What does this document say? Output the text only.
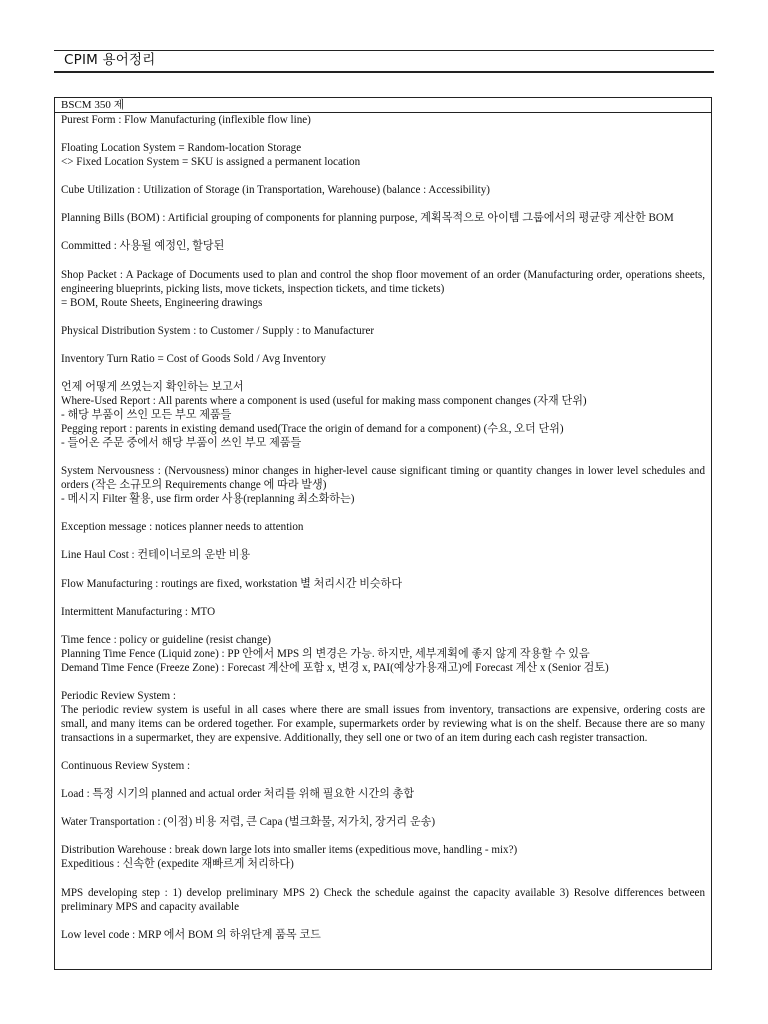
CPIM 용어정리
BSCM 350 제
Purest Form : Flow Manufacturing (inflexible flow line)
Floating Location System = Random-location Storage
<> Fixed Location System = SKU is assigned a permanent location
Cube Utilization : Utilization of Storage (in Transportation, Warehouse) (balance : Accessibility)
Planning Bills (BOM) : Artificial grouping of components for planning purpose, 계획목적으로 아이템 그룹에서의 평균량 계산한 BOM
Committed : 사용될 예정인, 할당된
Shop Packet : A Package of Documents used to plan and control the shop floor movement of an order (Manufacturing order, operations sheets, engineering blueprints, picking lists, move tickets, inspection tickets, and time tickets)
= BOM, Route Sheets, Engineering drawings
Physical Distribution System : to Customer / Supply : to Manufacturer
Inventory Turn Ratio = Cost of Goods Sold / Avg Inventory
언제 어떻게 쓰였는지 확인하는 보고서
Where-Used Report : All parents where a component is used (useful for making mass component changes (자재 단위)
- 해당 부품이 쓰인 모든 부모 제품들
Pegging report : parents in existing demand used(Trace the origin of demand for a component) (수요, 오더 단위)
- 들어온 주문 중에서 해당 부품이 쓰인 부모 제품들
System Nervousness : (Nervousness) minor changes in higher-level cause significant timing or quantity changes in lower level schedules and orders (작은 소규모의 Requirements change 에 따라 발생)
- 메시지 Filter 활용, use firm order 사용(replanning 최소화하는)
Exception message : notices planner needs to attention
Line Haul Cost : 컨테이너로의 운반 비용
Flow Manufacturing : routings are fixed, workstation 별 처리시간 비슷하다
Intermittent Manufacturing : MTO
Time fence : policy or guideline (resist change)
Planning Time Fence (Liquid zone) : PP 안에서 MPS 의 변경은 가능. 하지만, 세부계획에 좋지 않게 작용할 수 있음
Demand Time Fence (Freeze Zone) : Forecast 계산에 포함 x, 변경 x, PAI(예상가용재고)에 Forecast 계산 x (Senior 검토)
Periodic Review System :
The periodic review system is useful in all cases where there are small issues from inventory, transactions are expensive, ordering costs are small, and many items can be ordered together. For example, supermarkets order by reviewing what is on the shelf. Because there are so many transactions in a supermarket, they are expensive. Additionally, they sell one or two of an item during each cash register transaction.
Continuous Review System :
Load : 특정 시기의 planned and actual order 처리를 위해 필요한 시간의 총합
Water Transportation : (이점) 비용 저렴, 큰 Capa (벌크화물, 저가치, 장거리 운송)
Distribution Warehouse : break down large lots into smaller items (expeditious move, handling - mix?)
Expeditious : 신속한 (expedite 재빠르게 처리하다)
MPS developing step : 1) develop preliminary MPS 2) Check the schedule against the capacity available 3) Resolve differences between preliminary MPS and capacity available
Low level code : MRP 에서 BOM 의 하위단계 품목 코드
